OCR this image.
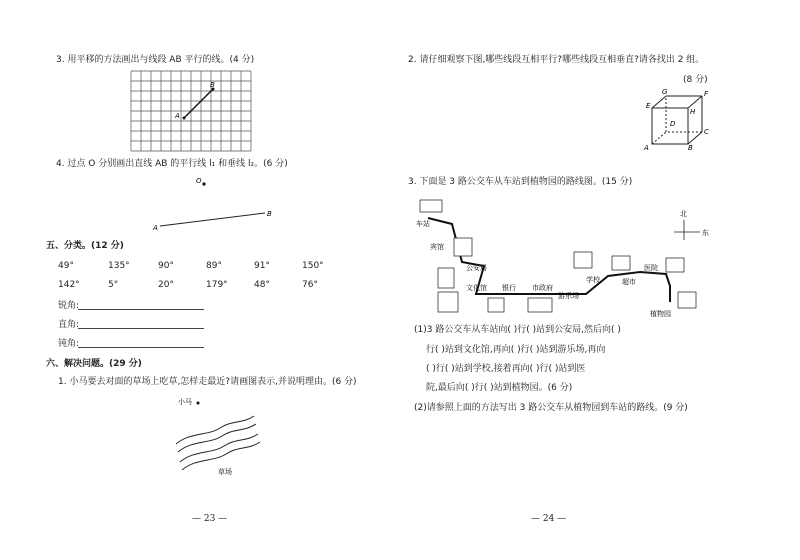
3. 用平移的方法画出与线段 AB 平行的线。(4 分)
A
B
4. 过点 O 分别画出直线 AB 的平行线 l₁ 和垂线 l₂。(6 分)
O
A
B
五、分类。(12 分)
49°	135°	90°	89°	91°	150°
142°	5°	20°	179°	48°	76°
锐角:
直角:
钝角:
六、解决问题。(29 分)
1. 小马要去对面的草场上吃草,怎样走最近?请画图表示,并说明理由。(6 分)
小马
草场
— 23 —
2. 请仔细观察下图,哪些线段互相平行?哪些线段互相垂直?请各找出 2 组。
(8 分)
G	F
E
H
D
C
A	B
3. 下面是 3 路公交车从车站到植物园的路线图。(15 分)
北
东
车站
宾馆
公安局
文化馆 银行 市政府
游乐场
学校	超市
医院
植物园
(1)3 路公交车从车站向( )行( )站到公安局,然后向( )
行( )站到文化馆,再向( )行( )站到游乐场,再向
( )行( )站到学校,接着再向( )行( )站到医
院,最后向( )行( )站到植物园。(6 分)
(2)请参照上面的方法写出 3 路公交车从植物园到车站的路线。(9 分)
— 24 —
